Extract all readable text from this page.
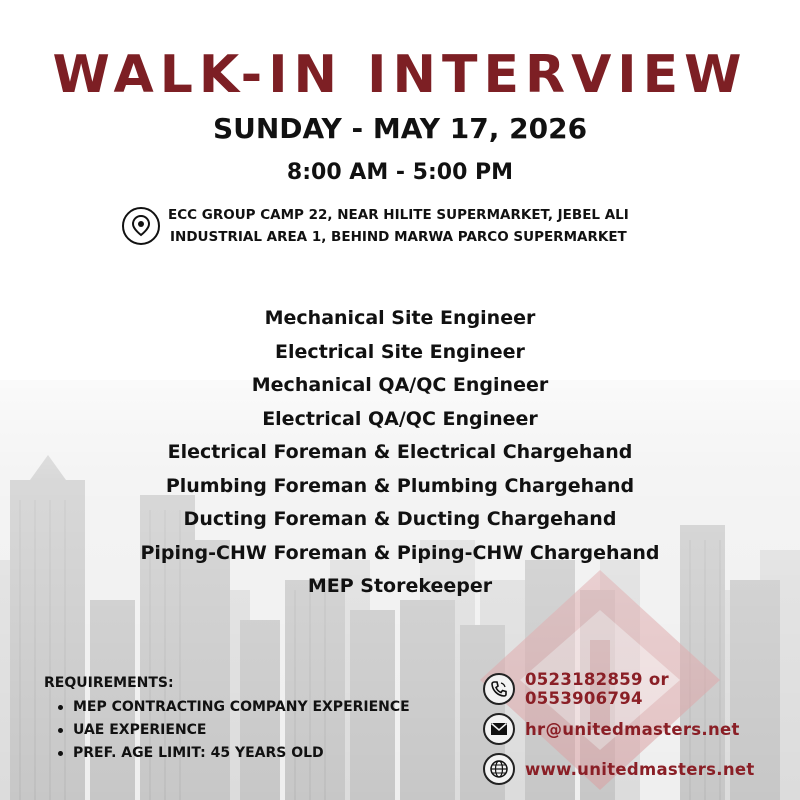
WALK-IN INTERVIEW
SUNDAY - MAY 17, 2026
8:00 AM - 5:00 PM
ECC GROUP CAMP 22, NEAR HILITE SUPERMARKET, JEBEL ALI
INDUSTRIAL AREA 1, BEHIND MARWA PARCO SUPERMARKET
Mechanical Site Engineer
Electrical Site Engineer
Mechanical QA/QC Engineer
Electrical QA/QC Engineer
Electrical Foreman & Electrical Chargehand
Plumbing Foreman & Plumbing Chargehand
Ducting Foreman & Ducting Chargehand
Piping-CHW Foreman & Piping-CHW Chargehand
MEP Storekeeper
REQUIREMENTS:
MEP CONTRACTING COMPANY EXPERIENCE
UAE EXPERIENCE
PREF. AGE LIMIT: 45 YEARS OLD
0523182859 or 0553906794
hr@unitedmasters.net
www.unitedmasters.net
